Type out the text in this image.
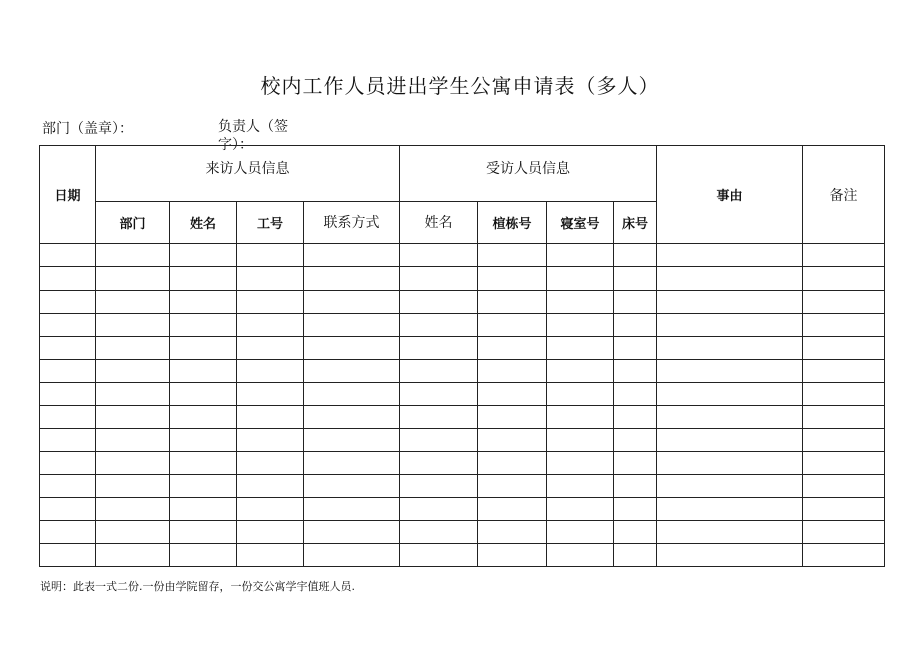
校内工作人员进出学生公寓申请表（多人）
部门（盖章）：	负责人（签字）：
日期	来访人员信息				受访人员信息				事由	备注
	部门	姓名	工号	联系方式	姓名	楦栋号	寝室号	床号		

说明：此表一式二份.一份由学院留存，一份交公寓学宇值班人员.
